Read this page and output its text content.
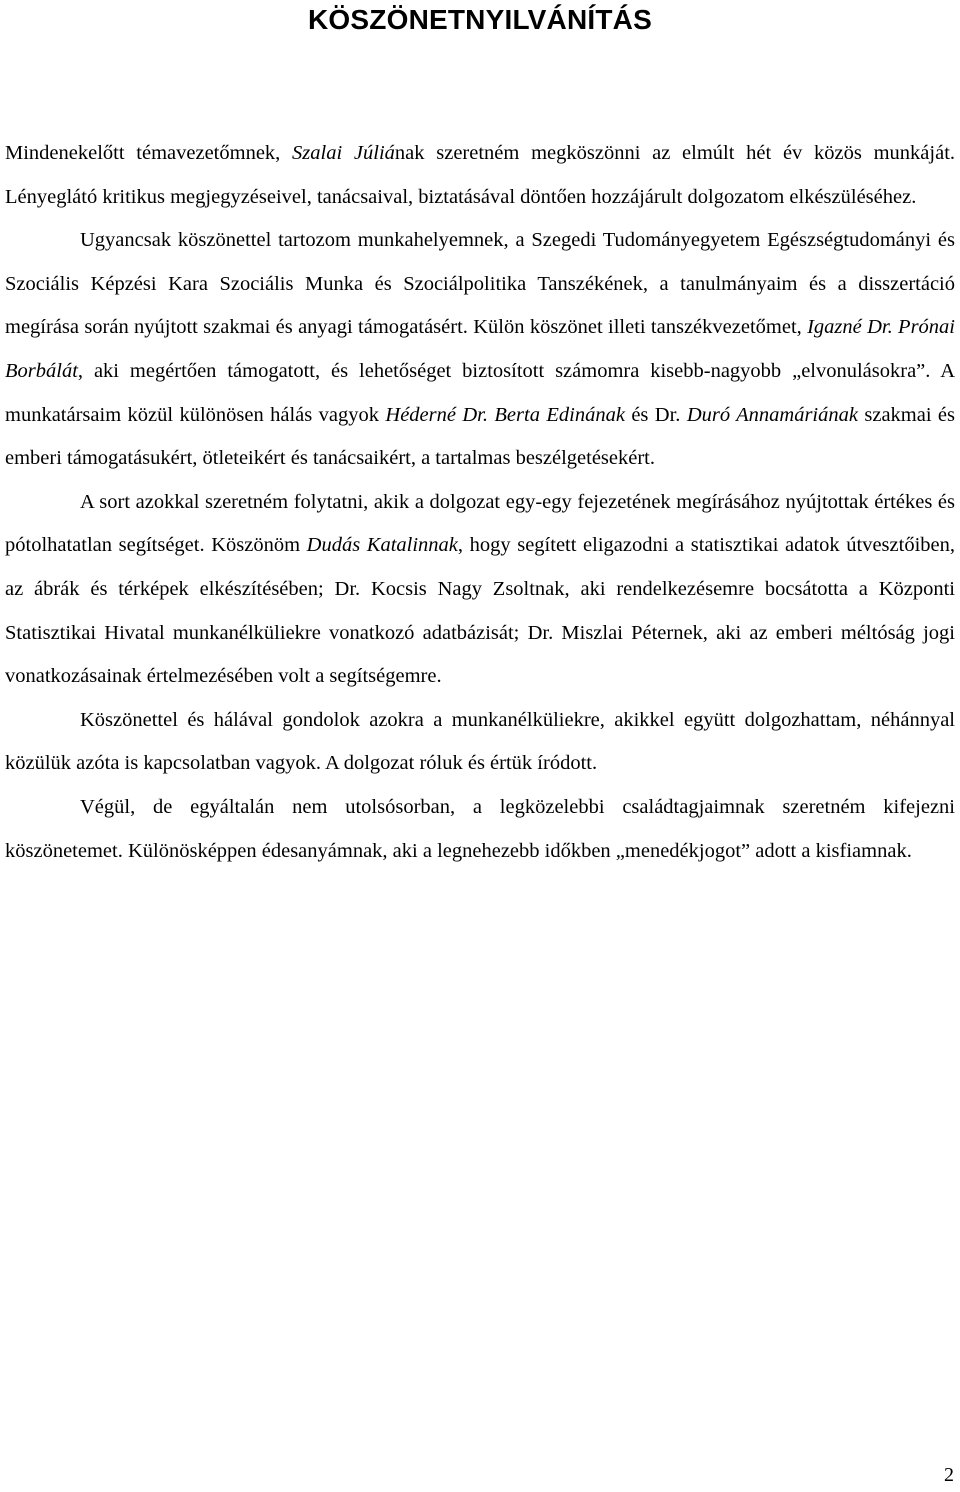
KÖSZÖNETNYILVÁNÍTÁS

Mindenekelőtt témavezetőmnek, Szalai Júliának szeretném megköszönni az elmúlt hét év közös munkáját. Lényeglátó kritikus megjegyzéseivel, tanácsaival, biztatásával döntően hozzájárult dolgozatom elkészüléséhez.

Ugyancsak köszönettel tartozom munkahelyemnek, a Szegedi Tudományegyetem Egészségtudományi és Szociális Képzési Kara Szociális Munka és Szociálpolitika Tanszékének, a tanulmányaim és a disszertáció megírása során nyújtott szakmai és anyagi támogatásért. Külön köszönet illeti tanszékvezetőmet, Igazné Dr. Prónai Borbálát, aki megértően támogatott, és lehetőséget biztosított számomra kisebb-nagyobb „elvonulásokra”. A munkatársaim közül különösen hálás vagyok Héderné Dr. Berta Edinának és Dr. Duró Annamáriának szakmai és emberi támogatásukért, ötleteikért és tanácsaikért, a tartalmas beszélgetésekért.

A sort azokkal szeretném folytatni, akik a dolgozat egy-egy fejezetének megírásához nyújtottak értékes és pótolhatatlan segítséget. Köszönöm Dudás Katalinnak, hogy segített eligazodni a statisztikai adatok útvesztőiben, az ábrák és térképek elkészítésében; Dr. Kocsis Nagy Zsoltnak, aki rendelkezésemre bocsátotta a Központi Statisztikai Hivatal munkanélküliekre vonatkozó adatbázisát; Dr. Miszlai Péternek, aki az emberi méltóság jogi vonatkozásainak értelmezésében volt a segítségemre.

Köszönettel és hálával gondolok azokra a munkanélküliekre, akikkel együtt dolgozhattam, néhánnyal közülük azóta is kapcsolatban vagyok. A dolgozat róluk és értük íródott.

Végül, de egyáltalán nem utolsósorban, a legközelebbi családtagjaimnak szeretném kifejezni köszönetemet. Különösképpen édesanyámnak, aki a legnehezebb időkben „menedékjogot” adott a kisfiamnak.

2
